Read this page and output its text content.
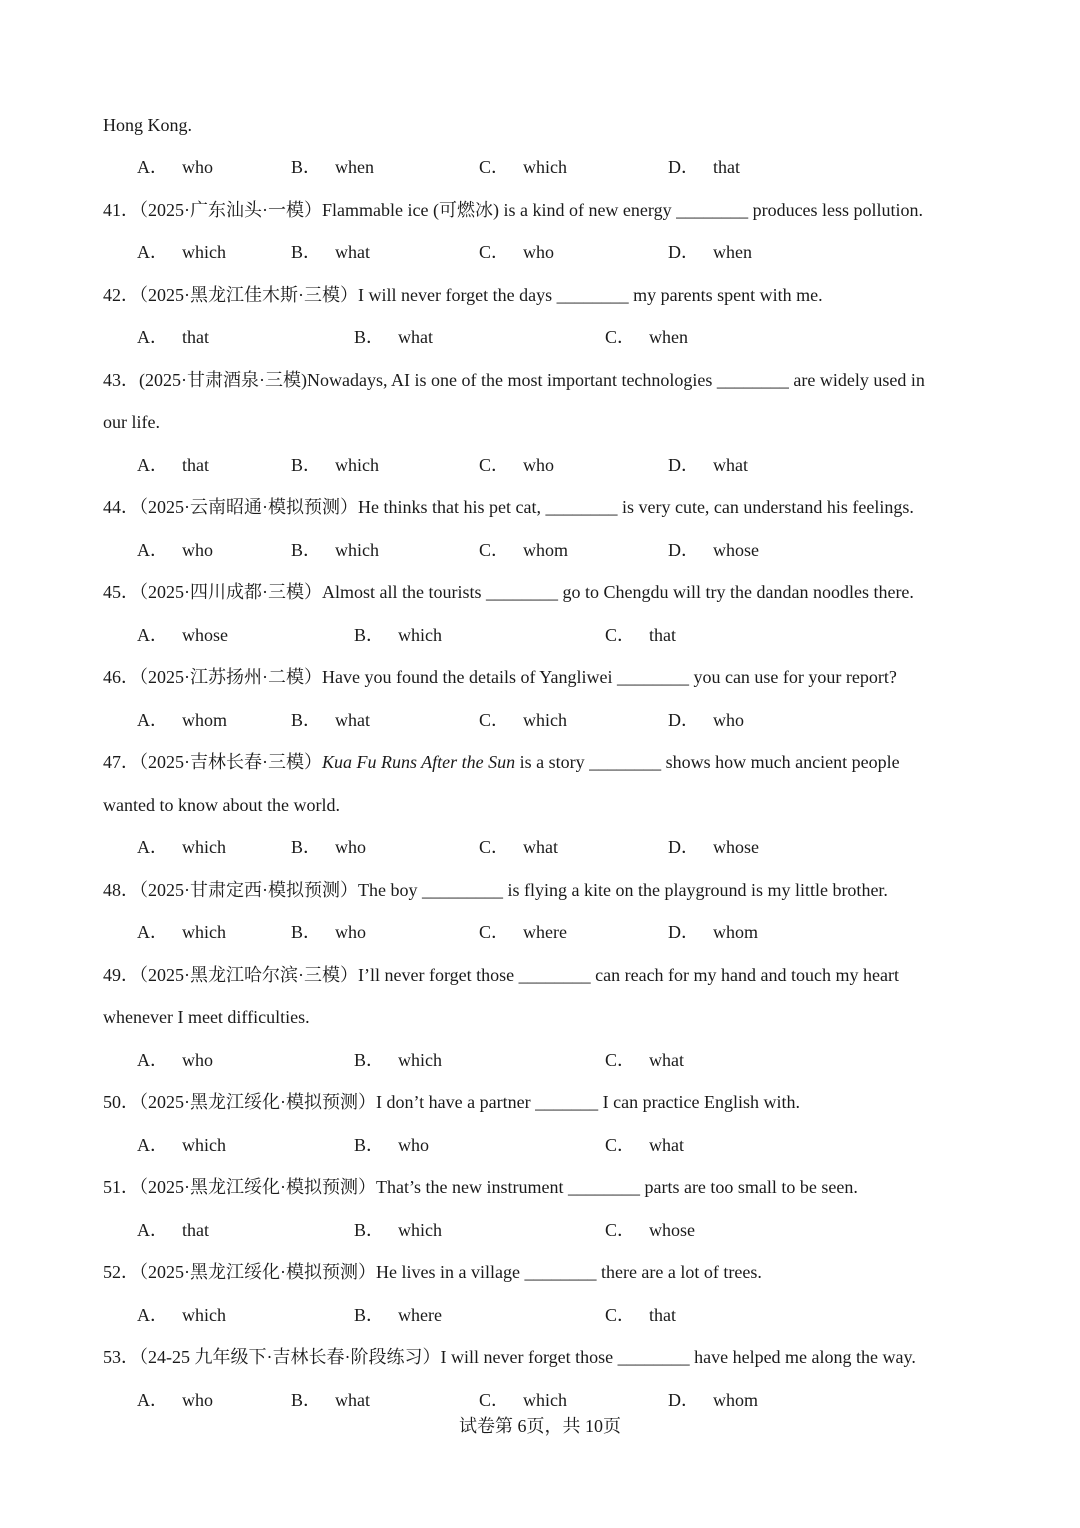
Hong Kong.
A． who	B． when	C． which	D． that
41．（2025·广东汕头·一模）Flammable ice (可燃冰) is a kind of new energy ________ produces less pollution.
A． which	B． what	C． who	D． when
42．（2025·黑龙江佳木斯·三模）I will never forget the days ________ my parents spent with me.
A． that	B． what	C． when
43．(2025·甘肃酒泉·三模)Nowadays, AI is one of the most important technologies ________ are widely used in
our life.
A． that	B． which	C． who	D． what
44．（2025·云南昭通·模拟预测）He thinks that his pet cat, ________ is very cute, can understand his feelings.
A． who	B． which	C． whom	D． whose
45．（2025·四川成都·三模）Almost all the tourists ________ go to Chengdu will try the dandan noodles there.
A． whose	B． which	C． that
46．（2025·江苏扬州·二模）Have you found the details of Yangliwei ________ you can use for your report?
A． whom	B． what	C． which	D． who
47．（2025·吉林长春·三模）Kua Fu Runs After the Sun is a story ________ shows how much ancient people
wanted to know about the world.
A． which	B． who	C． what	D． whose
48．（2025·甘肃定西·模拟预测）The boy _________ is flying a kite on the playground is my little brother.
A． which	B． who	C． where	D． whom
49．（2025·黑龙江哈尔滨·三模）I’ll never forget those ________ can reach for my hand and touch my heart
whenever I meet difficulties.
A． who	B． which	C． what
50．（2025·黑龙江绥化·模拟预测）I don’t have a partner _______ I can practice English with.
A． which	B． who	C． what
51．（2025·黑龙江绥化·模拟预测）That’s the new instrument ________ parts are too small to be seen.
A． that	B． which	C． whose
52．（2025·黑龙江绥化·模拟预测）He lives in a village ________ there are a lot of trees.
A． which	B． where	C． that
53．（24-25 九年级下·吉林长春·阶段练习）I will never forget those ________ have helped me along the way.
A． who	B． what	C． which	D． whom
试卷第 6页，共 10页
